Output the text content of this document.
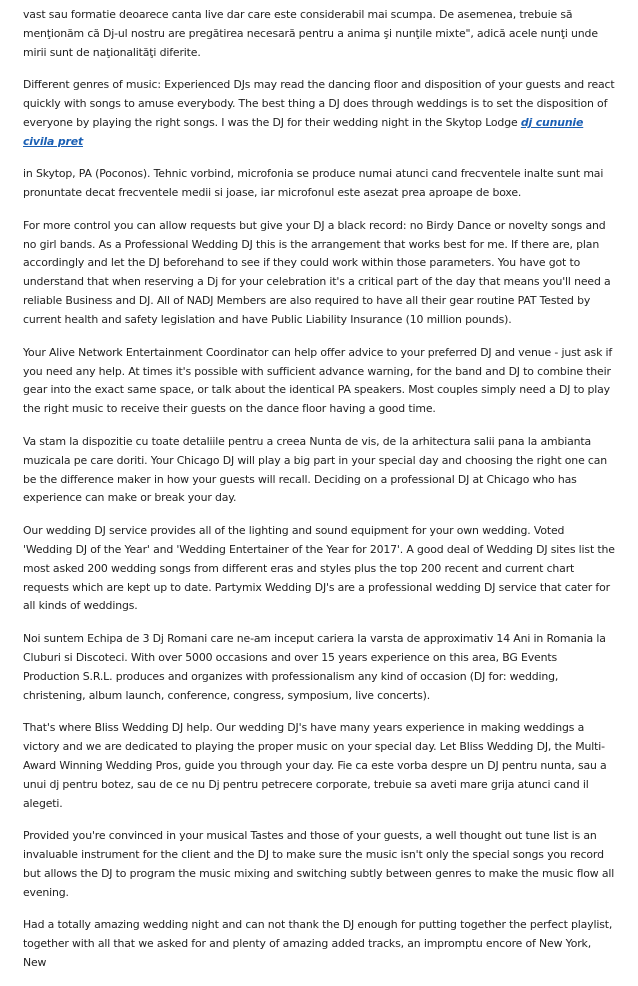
vast sau formatie deoarece canta live dar care este considerabil mai scumpa. De asemenea, trebuie să menţionăm că Dj-ul nostru are pregătirea necesară pentru a anima şi nunţile mixte", adică acele nunţi unde mirii sunt de naţionalităţi diferite.

Different genres of music: Experienced DJs may read the dancing floor and disposition of your guests and react quickly with songs to amuse everybody. The best thing a DJ does through weddings is to set the disposition of everyone by playing the right songs. I was the DJ for their wedding night in the Skytop Lodge dj cununie civila pret

in Skytop, PA (Poconos). Tehnic vorbind, microfonia se produce numai atunci cand frecventele inalte sunt mai pronuntate decat frecventele medii si joase, iar microfonul este asezat prea aproape de boxe.

For more control you can allow requests but give your DJ a black record: no Birdy Dance or novelty songs and no girl bands. As a Professional Wedding DJ this is the arrangement that works best for me. If there are, plan accordingly and let the DJ beforehand to see if they could work within those parameters. You have got to understand that when reserving a Dj for your celebration it's a critical part of the day that means you'll need a reliable Business and DJ. All of NADJ Members are also required to have all their gear routine PAT Tested by current health and safety legislation and have Public Liability Insurance (10 million pounds).

Your Alive Network Entertainment Coordinator can help offer advice to your preferred DJ and venue - just ask if you need any help. At times it's possible with sufficient advance warning, for the band and DJ to combine their gear into the exact same space, or talk about the identical PA speakers. Most couples simply need a DJ to play the right music to receive their guests on the dance floor having a good time.

Va stam la dispozitie cu toate detaliile pentru a creea Nunta de vis, de la arhitectura salii pana la ambianta muzicala pe care doriti. Your Chicago DJ will play a big part in your special day and choosing the right one can be the difference maker in how your guests will recall. Deciding on a professional DJ at Chicago who has experience can make or break your day.

Our wedding DJ service provides all of the lighting and sound equipment for your own wedding. Voted 'Wedding DJ of the Year' and 'Wedding Entertainer of the Year for 2017'. A good deal of Wedding DJ sites list the most asked 200 wedding songs from different eras and styles plus the top 200 recent and current chart requests which are kept up to date. Partymix Wedding DJ's are a professional wedding DJ service that cater for all kinds of weddings.

Noi suntem Echipa de 3 Dj Romani care ne-am inceput cariera la varsta de approximativ 14 Ani in Romania la Cluburi si Discoteci. With over 5000 occasions and over 15 years experience on this area, BG Events Production S.R.L. produces and organizes with professionalism any kind of occasion (DJ for: wedding, christening, album launch, conference, congress, symposium, live concerts).

That's where Bliss Wedding DJ help. Our wedding DJ's have many years experience in making weddings a victory and we are dedicated to playing the proper music on your special day. Let Bliss Wedding DJ, the Multi-Award Winning Wedding Pros, guide you through your day. Fie ca este vorba despre un DJ pentru nunta, sau a unui dj pentru botez, sau de ce nu Dj pentru petrecere corporate, trebuie sa aveti mare grija atunci cand il alegeti.

Provided you're convinced in your musical Tastes and those of your guests, a well thought out tune list is an invaluable instrument for the client and the DJ to make sure the music isn't only the special songs you record but allows the DJ to program the music mixing and switching subtly between genres to make the music flow all evening.

Had a totally amazing wedding night and can not thank the DJ enough for putting together the perfect playlist, together with all that we asked for and plenty of amazing added tracks, an impromptu encore of New York, New
